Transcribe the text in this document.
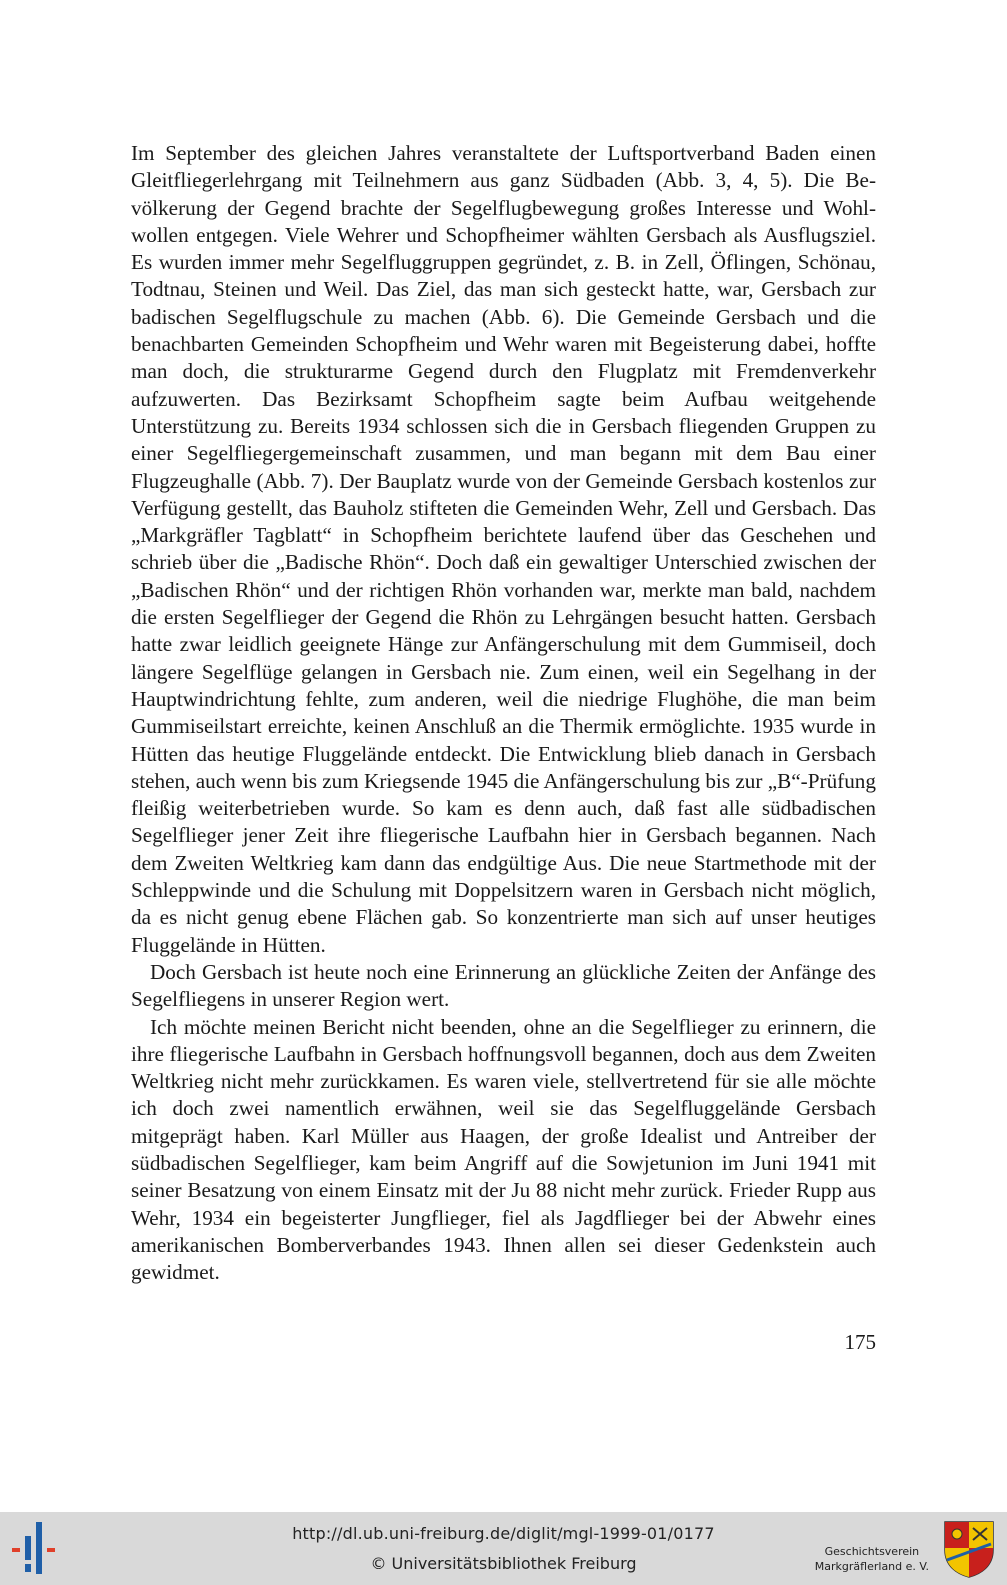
Im September des gleichen Jahres veranstaltete der Luftsportverband Baden einen Gleitfliegerlehrgang mit Teilnehmern aus ganz Südbaden (Abb. 3, 4, 5). Die Bevölkerung der Gegend brachte der Segelflugbewegung großes Interesse und Wohlwollen entgegen. Viele Wehrer und Schopfheimer wählten Gersbach als Ausflugsziel. Es wurden immer mehr Segelfluggruppen gegründet, z. B. in Zell, Öflingen, Schönau, Todtnau, Steinen und Weil. Das Ziel, das man sich gesteckt hatte, war, Gersbach zur badischen Segelflugschule zu machen (Abb. 6). Die Gemeinde Gersbach und die benachbarten Gemeinden Schopfheim und Wehr waren mit Begeisterung dabei, hoffte man doch, die strukturarme Gegend durch den Flugplatz mit Fremdenverkehr aufzuwerten. Das Bezirksamt Schopfheim sagte beim Aufbau weitgehende Unterstützung zu. Bereits 1934 schlossen sich die in Gersbach fliegenden Gruppen zu einer Segelfliegergemeinschaft zusammen, und man begann mit dem Bau einer Flugzeughalle (Abb. 7). Der Bauplatz wurde von der Gemeinde Gersbach kostenlos zur Verfügung gestellt, das Bauholz stifteten die Gemeinden Wehr, Zell und Gersbach. Das „Markgräfler Tagblatt“ in Schopfheim berichtete laufend über das Geschehen und schrieb über die „Badische Rhön“. Doch daß ein gewaltiger Unterschied zwischen der „Badischen Rhön“ und der richtigen Rhön vorhanden war, merkte man bald, nachdem die ersten Segelflieger der Gegend die Rhön zu Lehrgängen besucht hatten. Gersbach hatte zwar leidlich geeignete Hänge zur Anfängerschulung mit dem Gummiseil, doch längere Segelflüge gelangen in Gersbach nie. Zum einen, weil ein Segelhang in der Hauptwindrichtung fehlte, zum anderen, weil die niedrige Flughöhe, die man beim Gummiseilstart erreichte, keinen Anschluß an die Thermik ermöglichte. 1935 wurde in Hütten das heutige Fluggelände entdeckt. Die Entwicklung blieb danach in Gersbach stehen, auch wenn bis zum Kriegsende 1945 die Anfängerschulung bis zur „B“-Prüfung fleißig weiterbetrieben wurde. So kam es denn auch, daß fast alle südbadischen Segelflieger jener Zeit ihre fliegerische Laufbahn hier in Gersbach begannen. Nach dem Zweiten Weltkrieg kam dann das endgültige Aus. Die neue Startmethode mit der Schleppwinde und die Schulung mit Doppelsitzern waren in Gersbach nicht möglich, da es nicht genug ebene Flächen gab. So konzentrierte man sich auf unser heutiges Fluggelände in Hütten.

Doch Gersbach ist heute noch eine Erinnerung an glückliche Zeiten der Anfänge des Segelfliegens in unserer Region wert.

Ich möchte meinen Bericht nicht beenden, ohne an die Segelflieger zu erinnern, die ihre fliegerische Laufbahn in Gersbach hoffnungsvoll begannen, doch aus dem Zweiten Weltkrieg nicht mehr zurückkamen. Es waren viele, stellvertretend für sie alle möchte ich doch zwei namentlich erwähnen, weil sie das Segelfluggelände Gersbach mitgeprägt haben. Karl Müller aus Haagen, der große Idealist und Antreiber der südbadischen Segelflieger, kam beim Angriff auf die Sowjetunion im Juni 1941 mit seiner Besatzung von einem Einsatz mit der Ju 88 nicht mehr zurück. Frieder Rupp aus Wehr, 1934 ein begeisterter Jungflieger, fiel als Jagdflieger bei der Abwehr eines amerikanischen Bomberverbandes 1943. Ihnen allen sei dieser Gedenkstein auch gewidmet.

175
http://dl.ub.uni-freiburg.de/diglit/mgl-1999-01/0177
© Universitätsbibliothek Freiburg
Geschichtsverein
Markgräflerland e. V.
